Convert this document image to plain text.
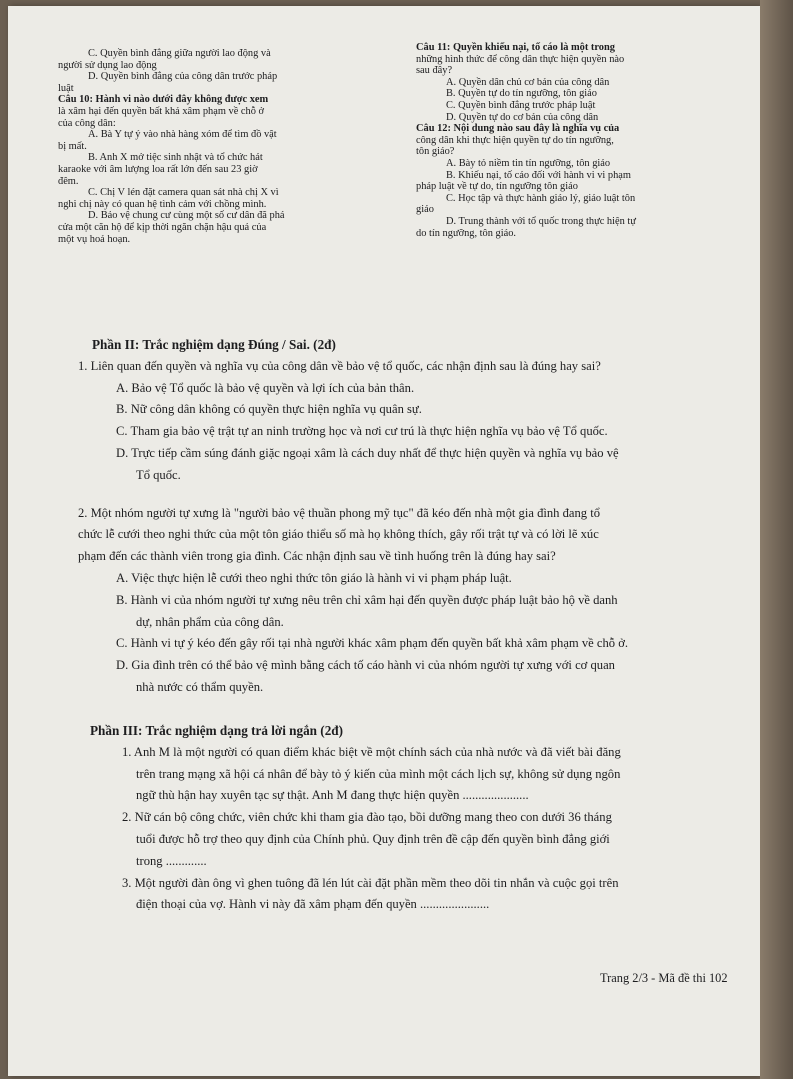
C. Quyền bình đẳng giữa người lao động và

người sử dụng lao động

D. Quyền bình đẳng của công dân trước pháp

luật

Câu 10: Hành vi nào dưới đây không được xem

là xâm hại đến quyền bất khả xâm phạm về chỗ ở

của công dân:

A. Bà Y tự ý vào nhà hàng xóm để tìm đồ vật

bị mất.

B. Anh X mở tiệc sinh nhật và tổ chức hát

karaoke với âm lượng loa rất lớn đến sau 23 giờ

đêm.

C. Chị V lén đặt camera quan sát nhà chị X vì

nghi chị này có quan hệ tình cảm với chồng mình.

D. Bảo vệ chung cư cùng một số cư dân đã phá

cửa một căn hộ để kịp thời ngăn chặn hậu quả của

một vụ hoả hoạn.

Câu 11: Quyền khiếu nại, tố cáo là một trong

những hình thức để công dân thực hiện quyền nào

sau đây?

A. Quyền dân chủ cơ bản của công dân

B. Quyền tự do tín ngưỡng, tôn giáo

C. Quyền bình đẳng trước pháp luật

D. Quyền tự do cơ bản của công dân

Câu 12: Nội dung nào sau đây là nghĩa vụ của

công dân khi thực hiện quyền tự do tín ngưỡng,

tôn giáo?

A. Bày tỏ niềm tin tín ngưỡng, tôn giáo

B. Khiếu nại, tố cáo đối với hành vi vi phạm

pháp luật về tự do, tín ngưỡng tôn giáo

C. Học tập và thực hành giáo lý, giáo luật tôn

giáo

D. Trung thành với tổ quốc trong thực hiện tự

do tín ngưỡng, tôn giáo.

Phần II: Trắc nghiệm dạng Đúng / Sai. (2đ)

1. Liên quan đến quyền và nghĩa vụ của công dân về bảo vệ tổ quốc, các nhận định sau là đúng hay sai?

A. Bảo vệ Tổ quốc là bảo vệ quyền và lợi ích của bản thân.

B. Nữ công dân không có quyền thực hiện nghĩa vụ quân sự.

C. Tham gia bảo vệ trật tự an ninh trường học và nơi cư trú là thực hiện nghĩa vụ bảo vệ Tổ quốc.

D. Trực tiếp cầm súng đánh giặc ngoại xâm là cách duy nhất để thực hiện quyền và nghĩa vụ bảo vệ

Tổ quốc.

2. Một nhóm người tự xưng là "người bảo vệ thuần phong mỹ tục" đã kéo đến nhà một gia đình đang tổ

chức lễ cưới theo nghi thức của một tôn giáo thiểu số mà họ không thích, gây rối trật tự và có lời lẽ xúc

phạm đến các thành viên trong gia đình. Các nhận định sau về tình huống trên là đúng hay sai?

A. Việc thực hiện lễ cưới theo nghi thức tôn giáo là hành vi vi phạm pháp luật.

B. Hành vi của nhóm người tự xưng nêu trên chỉ xâm hại đến quyền được pháp luật bảo hộ về danh

dự, nhân phẩm của công dân.

C. Hành vi tự ý kéo đến gây rối tại nhà người khác xâm phạm đến quyền bất khả xâm phạm về chỗ ở.

D. Gia đình trên có thể bảo vệ mình bằng cách tố cáo hành vi của nhóm người tự xưng với cơ quan

nhà nước có thẩm quyền.

Phần III: Trắc nghiệm dạng trả lời ngắn (2đ)

1. Anh M là một người có quan điểm khác biệt về một chính sách của nhà nước và đã viết bài đăng

trên trang mạng xã hội cá nhân để bày tỏ ý kiến của mình một cách lịch sự, không sử dụng ngôn

ngữ thù hận hay xuyên tạc sự thật. Anh M đang thực hiện quyền .....................

2. Nữ cán bộ công chức, viên chức khi tham gia đào tạo, bồi dưỡng mang theo con dưới 36 tháng

tuổi được hỗ trợ theo quy định của Chính phủ. Quy định trên đề cập đến quyền bình đẳng giới

trong .............

3. Một người đàn ông vì ghen tuông đã lén lút cài đặt phần mềm theo dõi tin nhắn và cuộc gọi trên

điện thoại của vợ. Hành vi này đã xâm phạm đến quyền ......................

Trang 2/3 - Mã đề thi 102
